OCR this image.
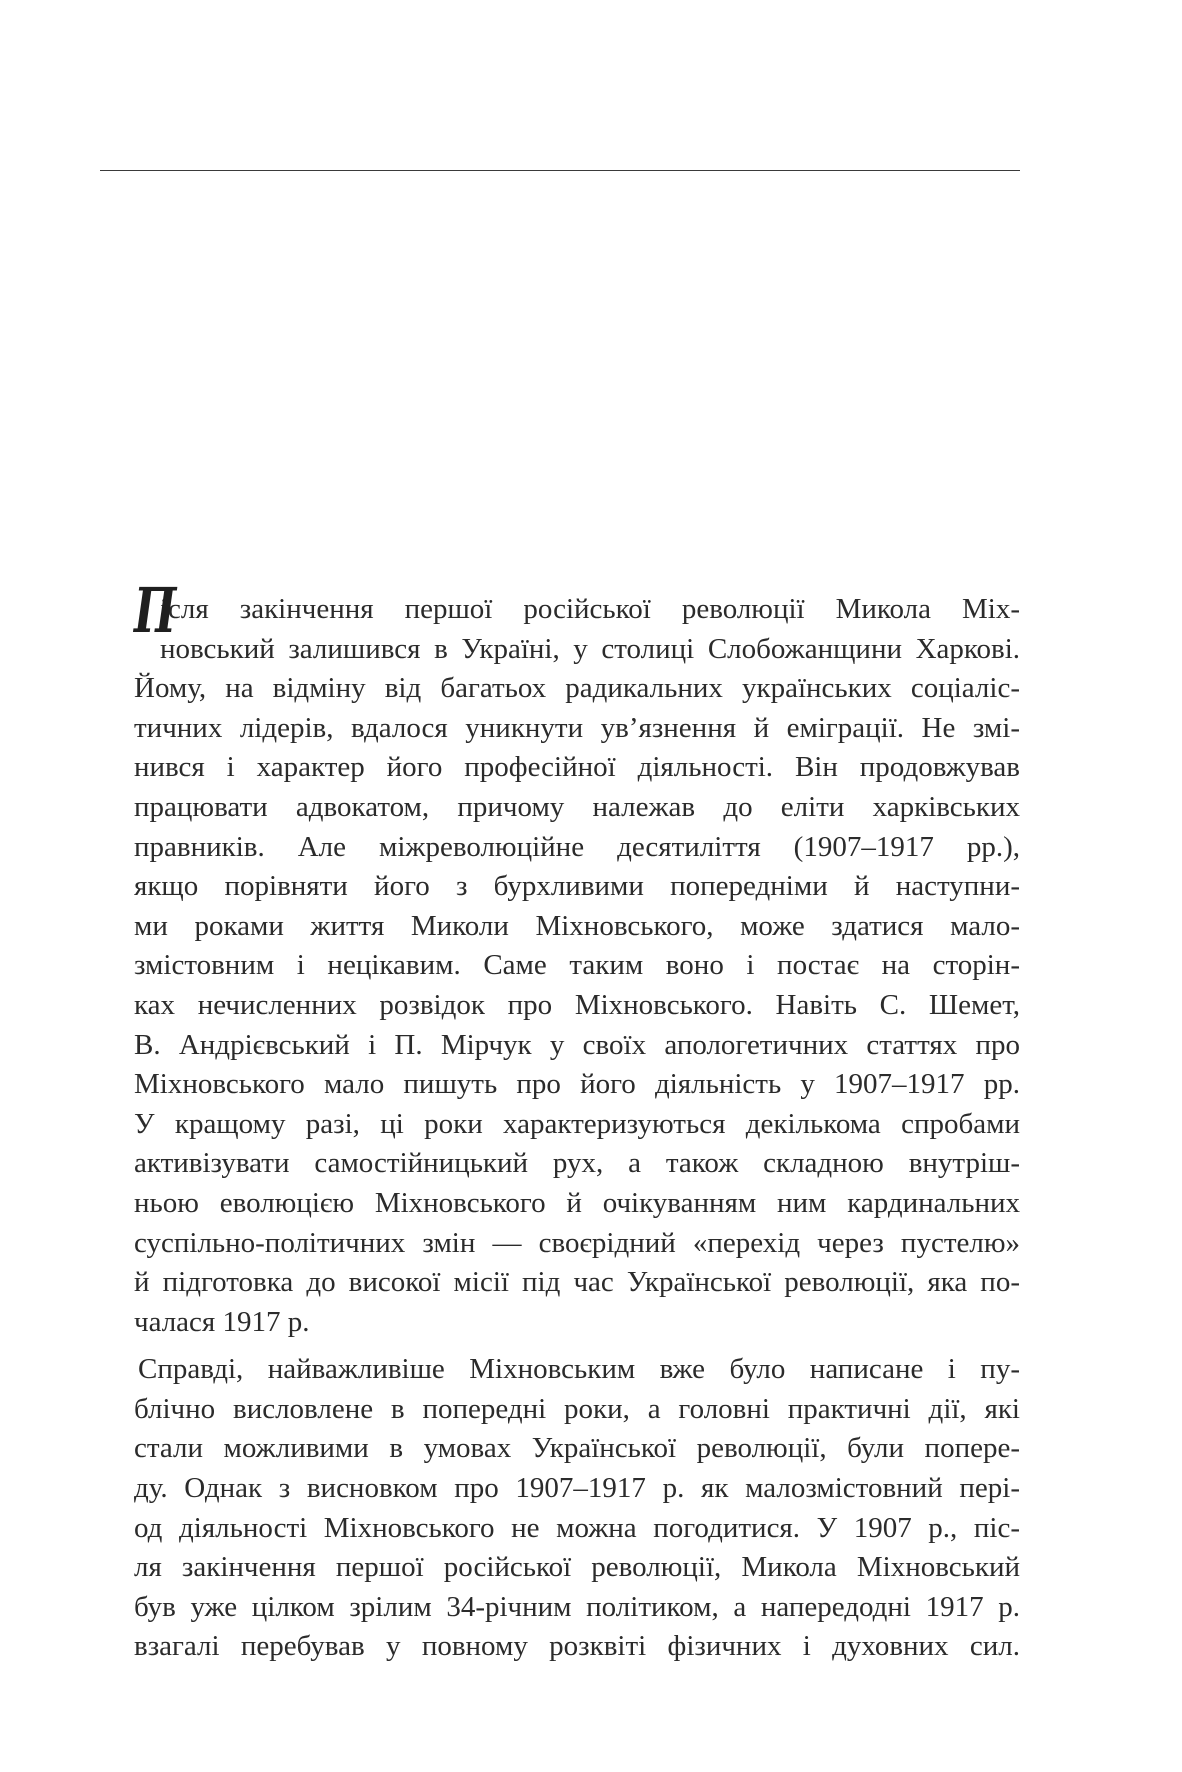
П
ісля закінчення першої російської революції Микола Міх-
новський залишився в Україні, у столиці Слобожанщини Харкові.
Йому, на відміну від багатьох радикальних українських соціаліс-
тичних лідерів, вдалося уникнути ув’язнення й еміграції. Не змі-
нився і характер його професійної діяльності. Він продовжував
працювати адвокатом, причому належав до еліти харківських
правників. Але міжреволюційне десятиліття (1907–1917 рр.),
якщо порівняти його з бурхливими попередніми й наступни-
ми роками життя Миколи Міхновського, може здатися мало-
змістовним і нецікавим. Саме таким воно і постає на сторін-
ках нечисленних розвідок про Міхновського. Навіть С. Шемет,
В. Андрієвський і П. Мірчук у своїх апологетичних статтях про
Міхновського мало пишуть про його діяльність у 1907–1917 рр.
У кращому разі, ці роки характеризуються декількома спробами
активізувати самостійницький рух, а також складною внутріш-
ньою еволюцією Міхновського й очікуванням ним кардинальних
суспільно-політичних змін — своєрідний «перехід через пустелю»
й підготовка до високої місії під час Української революції, яка по-
чалася 1917 р.
Справді, найважливіше Міхновським вже було написане і пу-
блічно висловлене в попередні роки, а головні практичні дії, які
стали можливими в умовах Української революції, були попере-
ду. Однак з висновком про 1907–1917 р. як малозмістовний пері-
од діяльності Міхновського не можна погодитися. У 1907 р., піс-
ля закінчення першої російської революції, Микола Міхновський
був уже цілком зрілим 34-річним політиком, а напередодні 1917 р.
взагалі перебував у повному розквіті фізичних і духовних сил.
